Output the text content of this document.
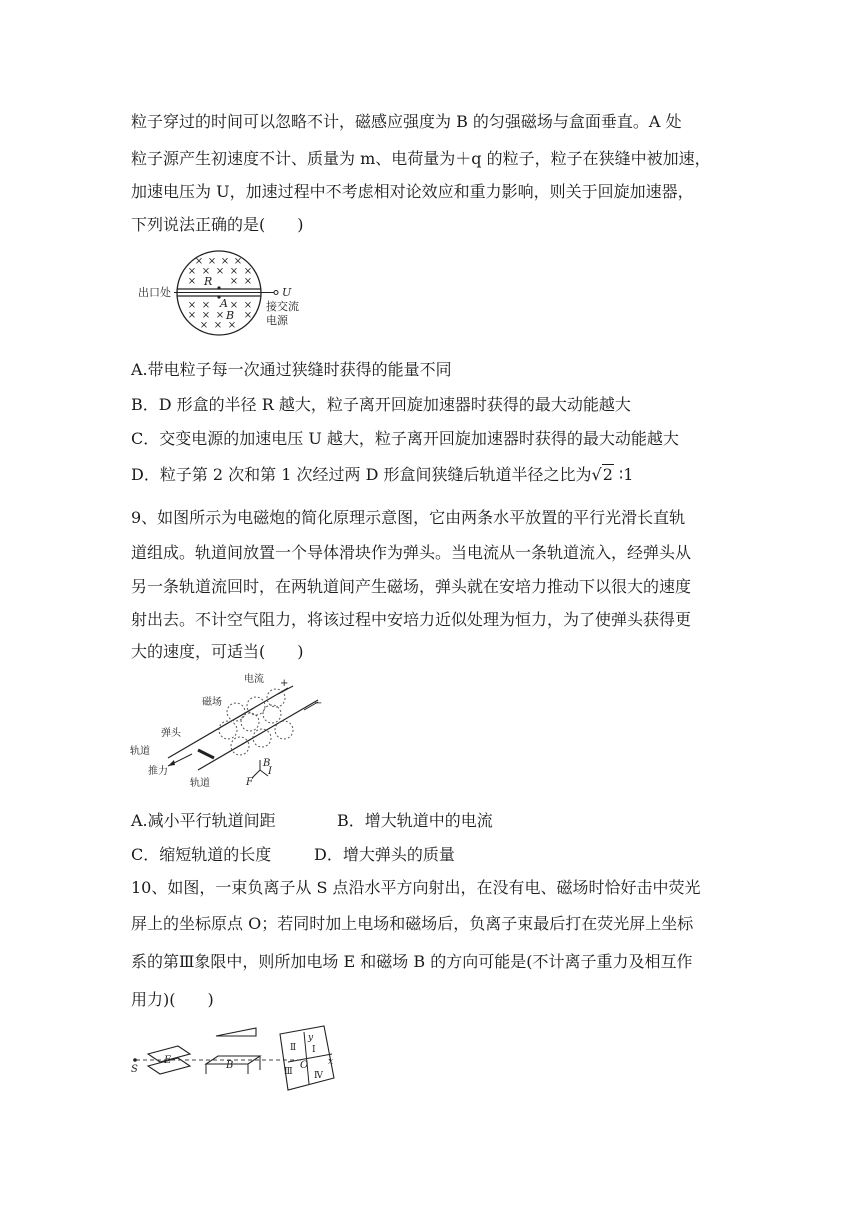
粒子穿过的时间可以忽略不计，磁感应强度为 B 的匀强磁场与盒面垂直。A 处
粒子源产生初速度不计、质量为 m、电荷量为＋q 的粒子，粒子在狭缝中被加速，
加速电压为 U，加速过程中不考虑相对论效应和重力影响，则关于回旋加速器，
下列说法正确的是(　　)
× × × ×
× × × × ×
×	× ×
× × × ×
× × × ×
× × ×
出口处
R
A
B
U
接交流
电源
A.带电粒子每一次通过狭缝时获得的能量不同
B．D 形盒的半径 R 越大，粒子离开回旋加速器时获得的最大动能越大
C．交变电源的加速电压 U 越大，粒子离开回旋加速器时获得的最大动能越大
D．粒子第 2 次和第 1 次经过两 D 形盒间狭缝后轨道半径之比为√2 ∶1
9、如图所示为电磁炮的简化原理示意图，它由两条水平放置的平行光滑长直轨
道组成。轨道间放置一个导体滑块作为弹头。当电流从一条轨道流入，经弹头从
另一条轨道流回时，在两轨道间产生磁场，弹头就在安培力推动下以很大的速度
射出去。不计空气阻力，将该过程中安培力近似处理为恒力，为了使弹头获得更
大的速度，可适当(　　)
电流 +
−
磁场
弹头
轨道
推力
轨道
B
F
I
A.减小平行轨道间距	B．增大轨道中的电流
C．缩短轨道的长度	D．增大弹头的质量
10、如图，一束负离子从 S 点沿水平方向射出，在没有电、磁场时恰好击中荧光
屏上的坐标原点 O；若同时加上电场和磁场后，负离子束最后打在荧光屏上坐标
系的第Ⅲ象限中，则所加电场 E 和磁场 B 的方向可能是(不计离子重力及相互作
用力)(　　)
S
E	B
y
x
O
Ⅰ
Ⅱ
Ⅲ Ⅳ
